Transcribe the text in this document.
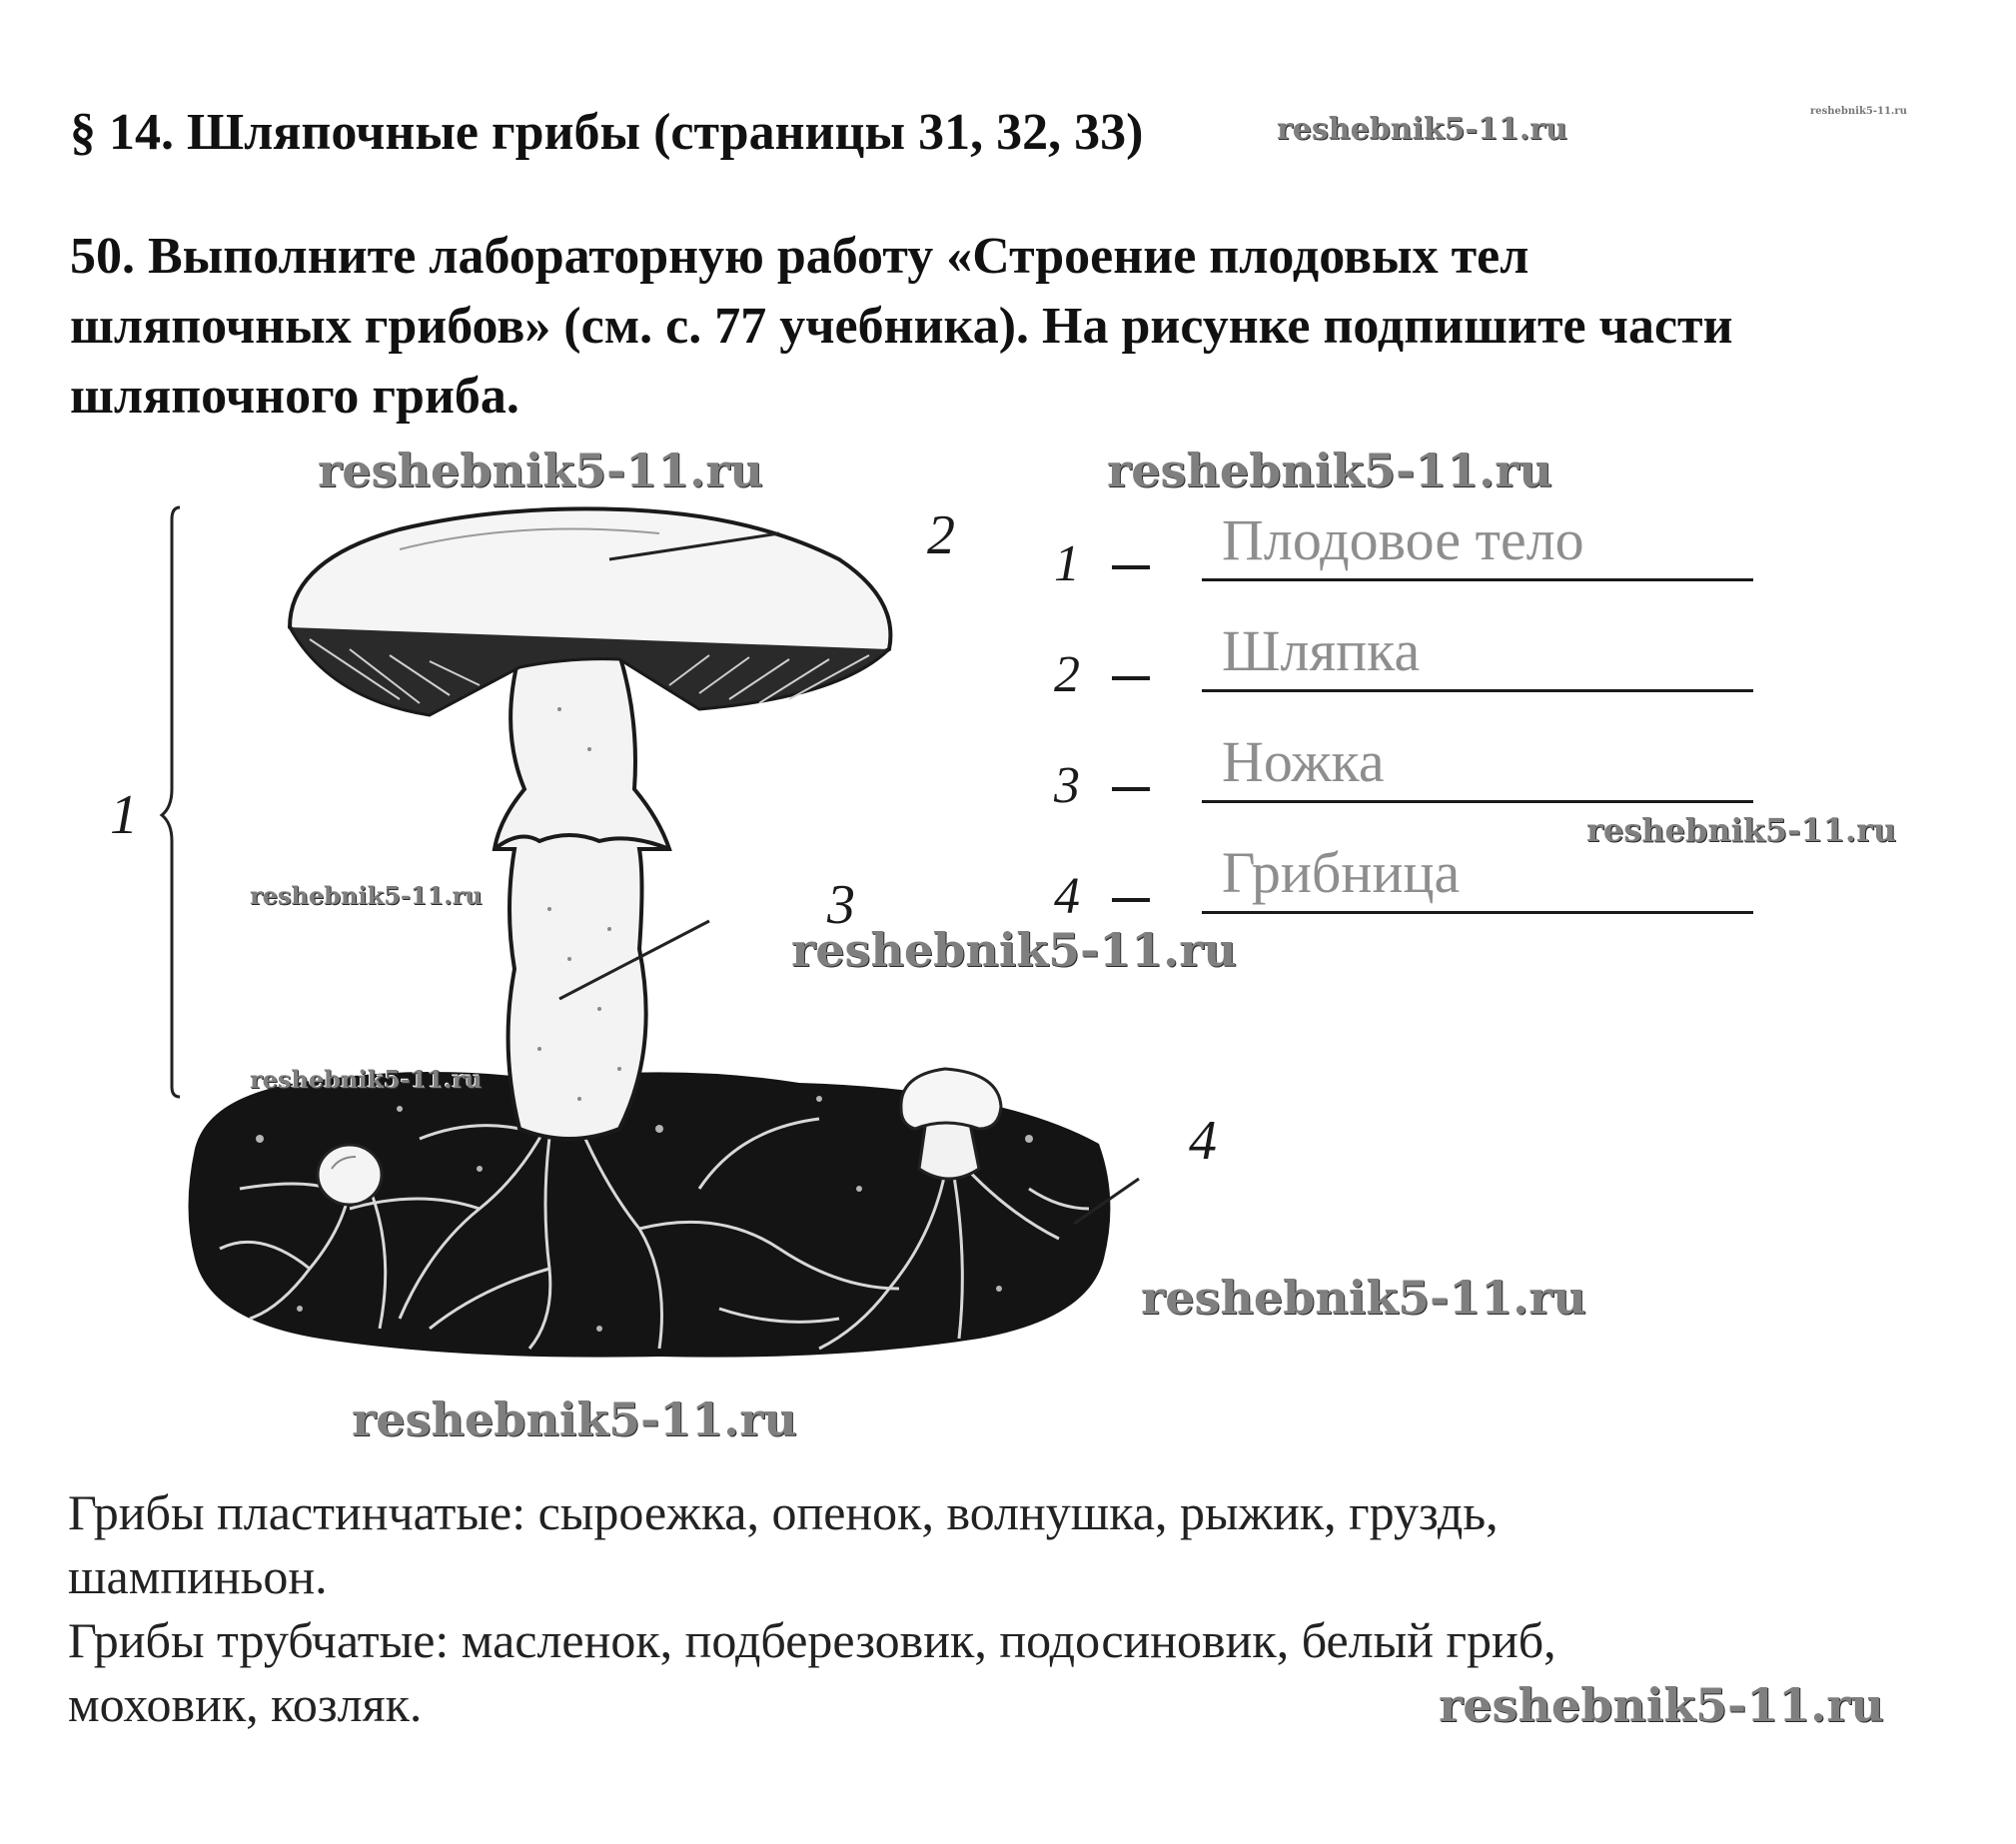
§ 14. Шляпочные грибы (страницы 31, 32, 33)	reshebnik5-11.ru
reshebnik5-11.ru
50. Выполните лабораторную работу «Строение плодовых тел
шляпочных грибов» (см. с. 77 учебника). На рисунке подпишите части
шляпочного гриба.
1
2
3
4
1 Плодовое тело
2 Шляпка
3 Ножка
4 Грибница

Грибы пластинчатые: сыроежка, опенок, волнушка, рыжик, груздь,

шампиньон.

Грибы трубчатые: масленок, подберезовик, подосиновик, белый гриб,

моховик, козляк.

reshebnik5-11.ru	reshebnik5-11.ru
reshebnik5-11.ru
reshebnik5-11.ru
reshebnik5-11.ru
reshebnik5-11.ru
reshebnik5-11.ru
reshebnik5-11.ru
reshebnik5-11.ru
